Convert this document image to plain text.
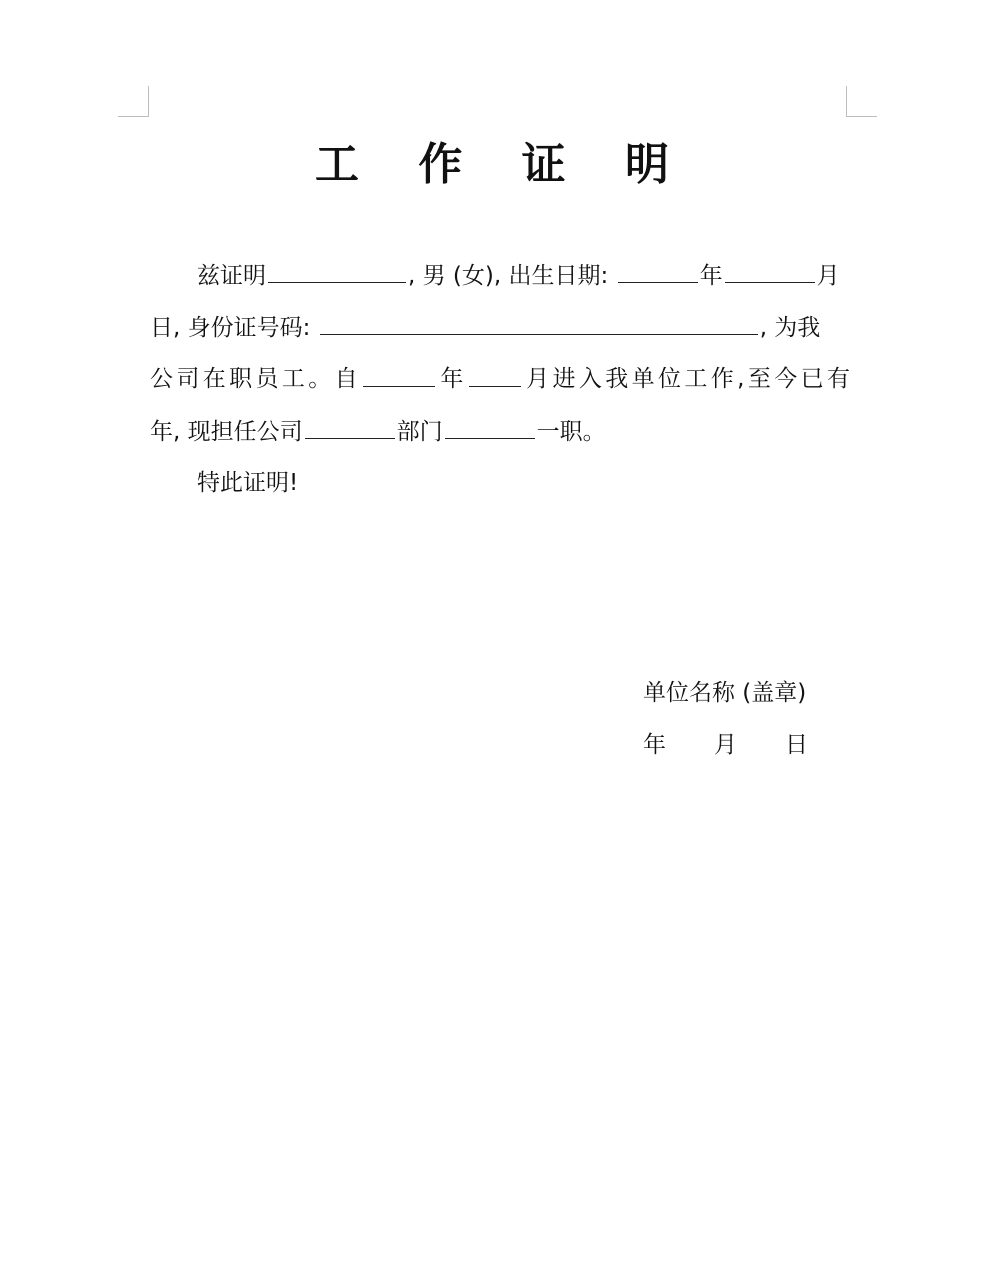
工 作 证 明
兹证明	, 男 (女), 出生日期:	年	月
日, 身份证号码:	, 为我
公 司 在 职 员 工 。 自	年	月 进 入 我 单 位 工 作 , 至 今 已 有
年, 现担任公司	部门	一职。
特此证明!
单位名称 (盖章)
年 月 日
